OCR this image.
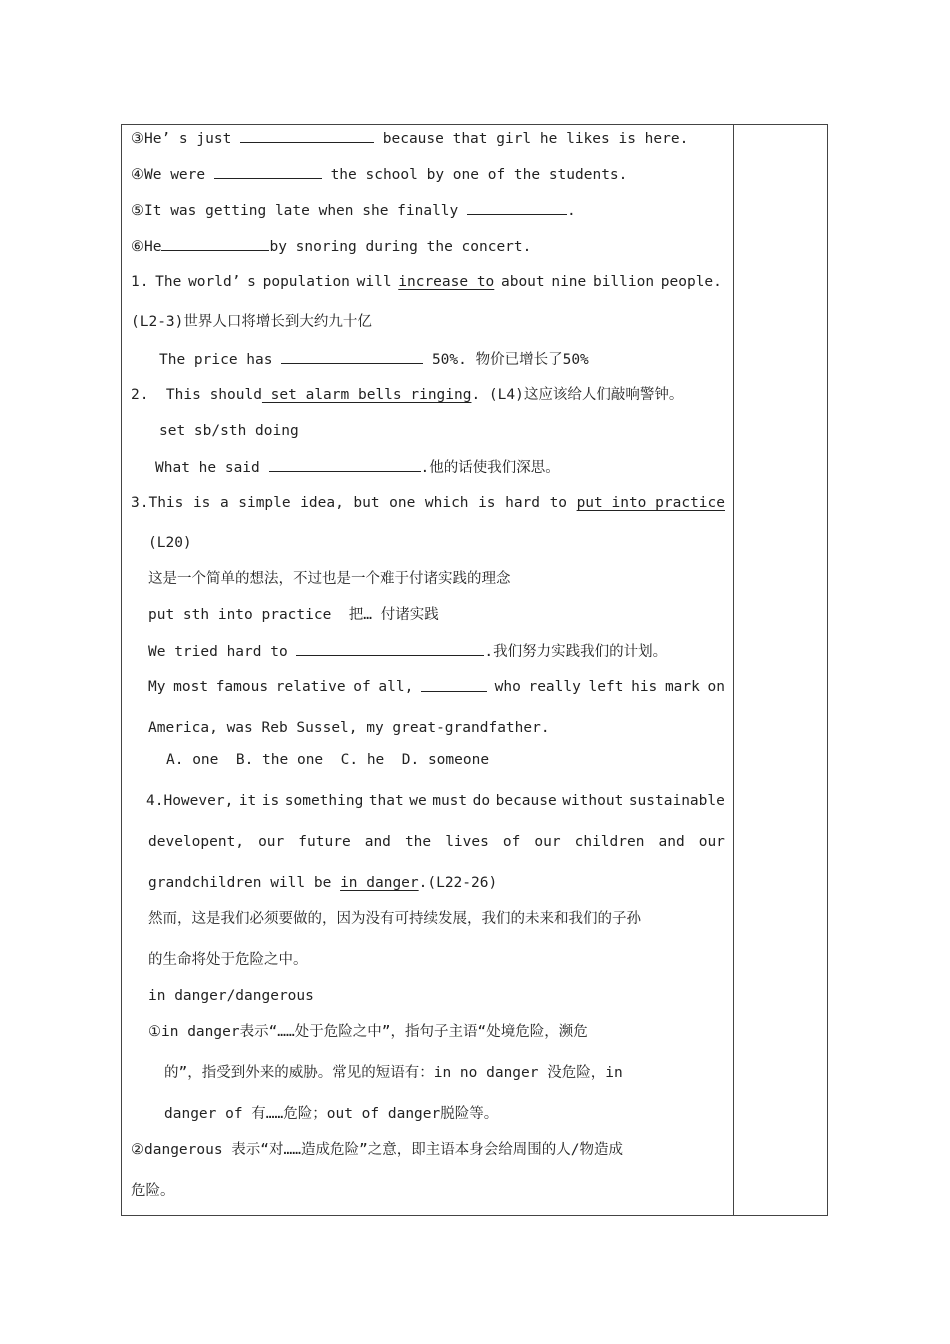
③He’ s just	because that girl he likes is here.
④We were	the school by one of the students.
⑤It was getting late when she finally	.
⑥He	by snoring during the concert.
1. The world’ s population will increase to about nine billion people.
(L2-3)世界人口将增长到大约九十亿
The price has	50%. 物价已增长了50%
2.  This should set alarm bells ringing. (L4)这应该给人们敲响警钟。
set sb/sth doing
What he said	.他的话使我们深思。
3.This is a simple idea, but one which is hard to put into practice
(L20)
这是一个简单的想法，不过也是一个难于付诸实践的理念
put sth into practice 把… 付诸实践
We tried hard to	.我们努力实践我们的计划。
My most famous relative of all,	who really left his mark on
America, was Reb Sussel, my great-grandfather.
A. one B. the one C. he D. someone
4.However, it is something that we must do because without sustainable
developent, our future and the lives of our children and our
grandchildren will be in danger.(L22-26)
然而，这是我们必须要做的，因为没有可持续发展，我们的未来和我们的子孙
的生命将处于危险之中。
in danger/dangerous
①in danger表示“……处于危险之中”，指句子主语“处境危险，濒危
的”，指受到外来的威胁。常见的短语有：in no danger 没危险，in
danger of 有……危险；out of danger脱险等。
②dangerous 表示“对……造成危险”之意，即主语本身会给周围的人/物造成
危险。
